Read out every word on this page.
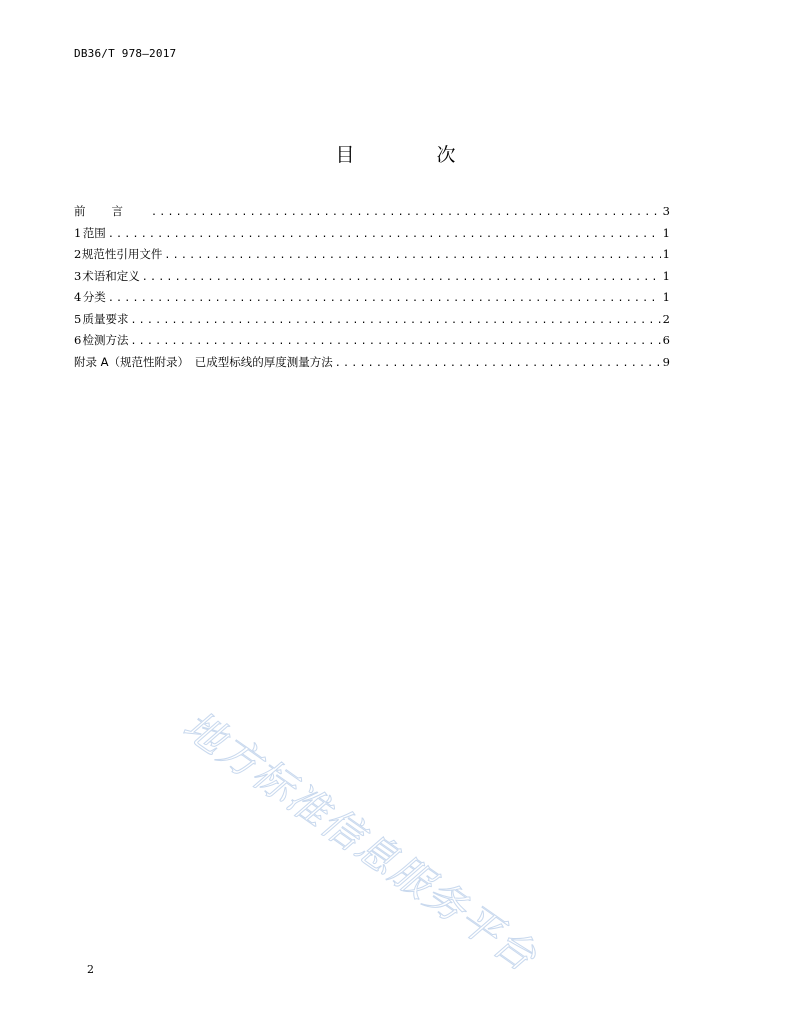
DB36/T 978—2017
目 次
前言 .....	3
1 范围 .....	1
2 规范性引用文件 .....	1
3 术语和定义 .....	1
4 分类 .....	1
5 质量要求 .....	2
6 检测方法 .....	6
附录 A（规范性附录）　已成型标线的厚度测量方法 .....	9
地方标准信息服务平台
2
